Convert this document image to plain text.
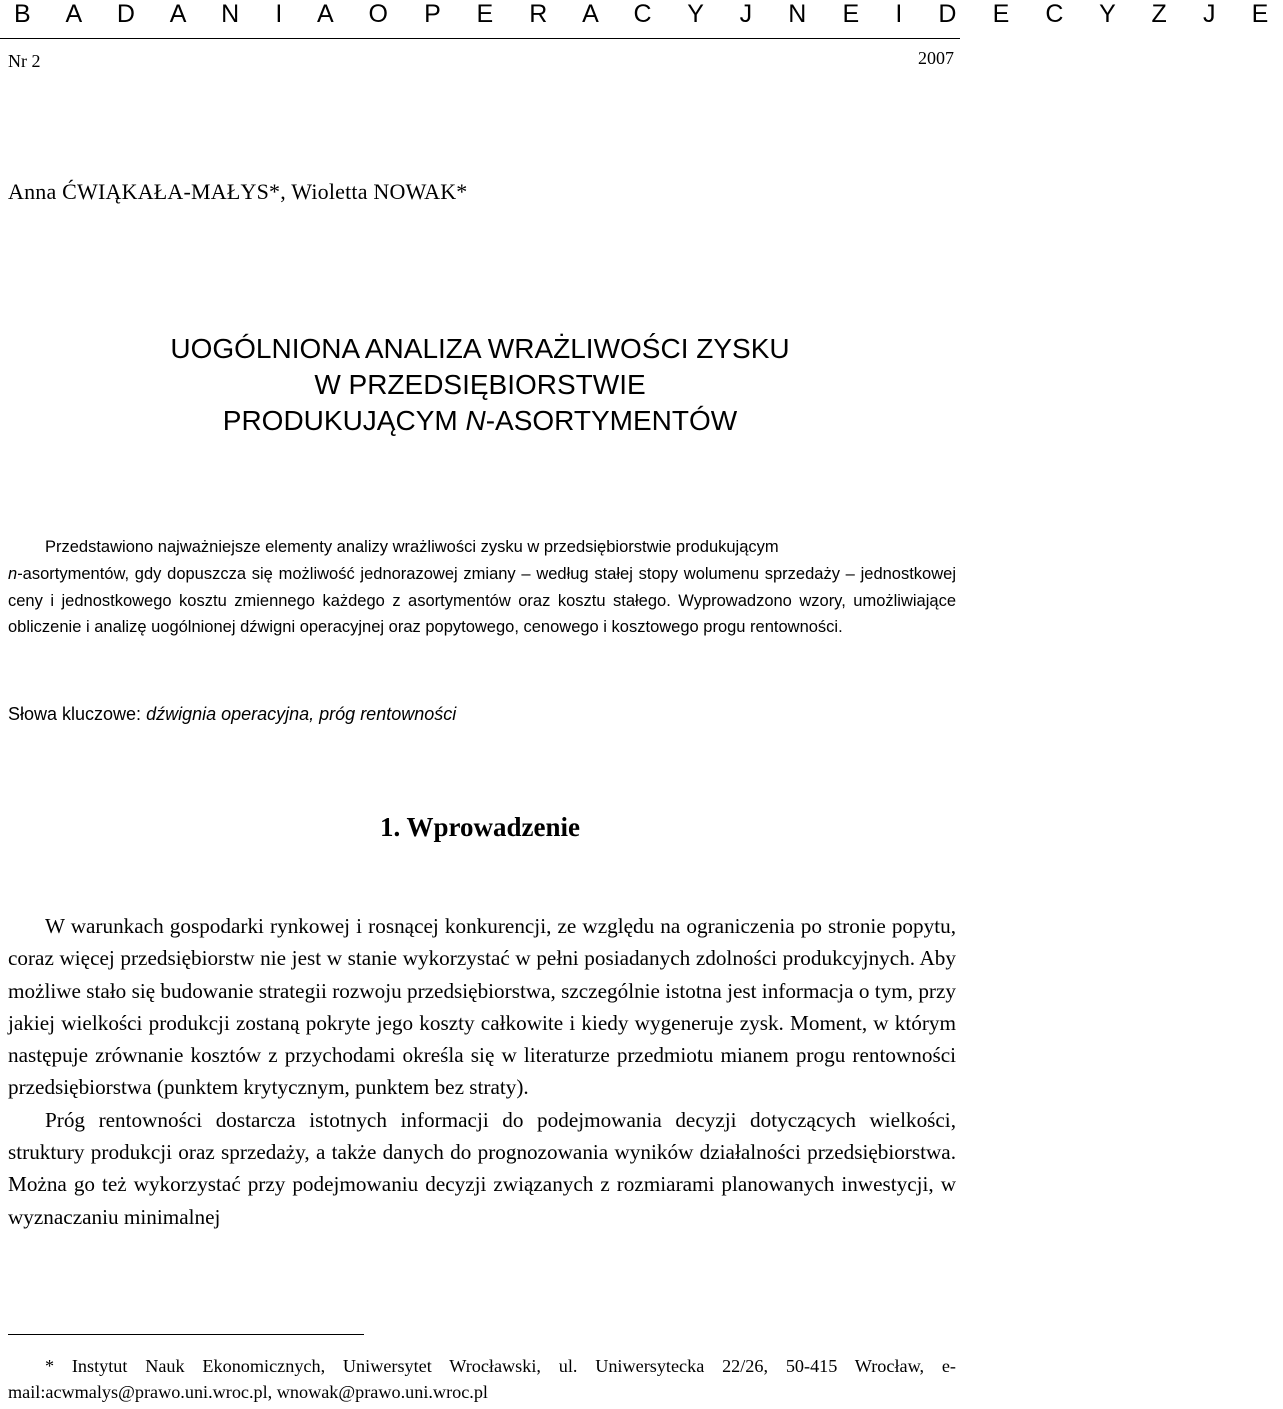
B A D A N I A O P E R A C Y J N E I D E C Y Z J E
Nr 2	2007
Anna ĆWIĄKAŁA-MAŁYS*, Wioletta NOWAK*
UOGÓLNIONA ANALIZA WRAŻLIWOŚCI ZYSKU
W PRZEDSIĘBIORSTWIE
PRODUKUJĄCYM N-ASORTYMENTÓW

Przedstawiono najważniejsze elementy analizy wrażliwości zysku w przedsiębiorstwie produkującym
n-asortymentów, gdy dopuszcza się możliwość jednorazowej zmiany – według stałej stopy wolumenu sprzedaży – jednostkowej ceny i jednostkowego kosztu zmiennego każdego z asortymentów oraz kosztu stałego. Wyprowadzono wzory, umożliwiające obliczenie i analizę uogólnionej dźwigni operacyjnej oraz popytowego, cenowego i kosztowego progu rentowności.

Słowa kluczowe: dźwignia operacyjna, próg rentowności
1. Wprowadzenie

W warunkach gospodarki rynkowej i rosnącej konkurencji, ze względu na ograniczenia po stronie popytu, coraz więcej przedsiębiorstw nie jest w stanie wykorzystać w pełni posiadanych zdolności produkcyjnych. Aby możliwe stało się budowanie strategii rozwoju przedsiębiorstwa, szczególnie istotna jest informacja o tym, przy jakiej wielkości produkcji zostaną pokryte jego koszty całkowite i kiedy wygeneruje zysk. Moment, w którym następuje zrównanie kosztów z przychodami określa się w literaturze przedmiotu mianem progu rentowności przedsiębiorstwa (punktem krytycznym, punktem bez straty).

Próg rentowności dostarcza istotnych informacji do podejmowania decyzji dotyczących wielkości, struktury produkcji oraz sprzedaży, a także danych do prognozowania wyników działalności przedsiębiorstwa. Można go też wykorzystać przy podejmowaniu decyzji związanych z rozmiarami planowanych inwestycji, w wyznaczaniu minimalnej

* Instytut Nauk Ekonomicznych, Uniwersytet Wrocławski, ul. Uniwersytecka 22/26, 50-415 Wrocław, e-mail:acwmalys@prawo.uni.wroc.pl, wnowak@prawo.uni.wroc.pl
